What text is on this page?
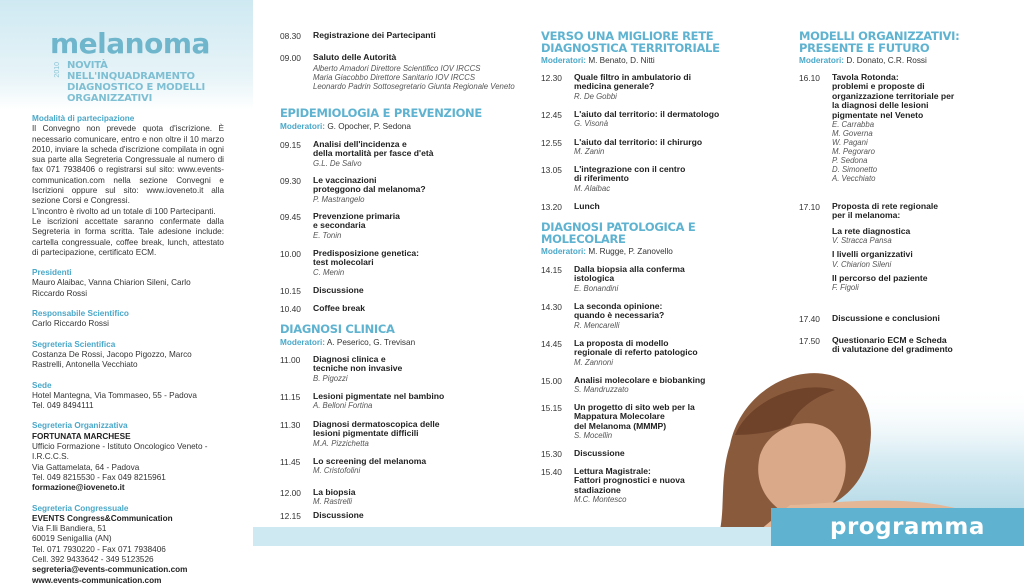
melanoma
2010 NOVITÀ
NELL'INQUADRAMENTO
DIAGNOSTICO E MODELLI
ORGANIZZATIVI
Modalità di partecipazione

Il Convegno non prevede quota d'iscrizione. È necessario comunicare, entro e non oltre il 10 marzo 2010, inviare la scheda d'iscrizione compilata in ogni sua parte alla Segreteria Congressuale al numero di fax 071 7938406 o registrarsi sul sito: www.events-communication.com nella sezione Convegni e Iscrizioni oppure sul sito: www.ioveneto.it alla sezione Corsi e Congressi.

L'incontro è rivolto ad un totale di 100 Partecipanti.

Le iscrizioni accettate saranno confermate dalla Segreteria in forma scritta. Tale adesione include: cartella congressuale, coffee break, lunch, attestato di partecipazione, certificato ECM.

Presidenti

Mauro Alaibac, Vanna Chiarion Sileni, Carlo Riccardo Rossi

Responsabile Scientifico

Carlo Riccardo Rossi

Segreteria Scientifica

Costanza De Rossi, Jacopo Pigozzo, Marco Rastrelli, Antonella Vecchiato

Sede

Hotel Mantegna, Via Tommaseo, 55 - Padova

Tel. 049 8494111

Segreteria Organizzativa

FORTUNATA MARCHESE

Ufficio Formazione - Istituto Oncologico Veneto - I.R.C.C.S.

Via Gattamelata, 64 - Padova

Tel. 049 8215530 - Fax 049 8215961

formazione@ioveneto.it

Segreteria Congressuale

EVENTS Congress&Communication

Via F.lli Bandiera, 51

60019 Senigallia (AN)

Tel. 071 7930220 - Fax 071 7938406

Cell. 392 9433642 - 349 5123526

segreteria@events-communication.com

www.events-communication.com

08.30	Registrazione dei Partecipanti
09.00	Saluto delle Autorità
Alberto Amadori Direttore Scientifico IOV IRCCS
Maria Giacobbo Direttore Sanitario IOV IRCCS
Leonardo Padrin Sottosegretario Giunta Regionale Veneto
EPIDEMIOLOGIA E PREVENZIONE
Moderatori: G. Opocher, P. Sedona
09.15	Analisi dell'incidenza e
della mortalità per fasce d'età
G.L. De Salvo
09.30	Le vaccinazioni
proteggono dal melanoma?
P. Mastrangelo
09.45	Prevenzione primaria
e secondaria
E. Tonin
10.00	Predisposizione genetica:
test molecolari
C. Menin
10.15	Discussione
10.40	Coffee break
DIAGNOSI CLINICA
Moderatori: A. Peserico, G. Trevisan
11.00	Diagnosi clinica e
tecniche non invasive
B. Pigozzi
11.15	Lesioni pigmentate nel bambino
A. Belloni Fortina
11.30	Diagnosi dermatoscopica delle
lesioni pigmentate difficili
M.A. Pizzichetta
11.45	Lo screening del melanoma
M. Cristofolini
12.00	La biopsia
M. Rastrelli
12.15	Discussione
VERSO UNA MIGLIORE RETE
DIAGNOSTICA TERRITORIALE
Moderatori: M. Benato, D. Nitti
12.30	Quale filtro in ambulatorio di
medicina generale?
R. De Gobbi
12.45	L'aiuto dal territorio: il dermatologo
G. Visonà
12.55	L'aiuto dal territorio: il chirurgo
M. Zanin
13.05	L'integrazione con il centro
di riferimento
M. Alaibac
13.20	Lunch
DIAGNOSI PATOLOGICA E
MOLECOLARE
Moderatori: M. Rugge, P. Zanovello
14.15	Dalla biopsia alla conferma
istologica
E. Bonandini
14.30	La seconda opinione:
quando è necessaria?
R. Mencarelli
14.45	La proposta di modello
regionale di referto patologico
M. Zannoni
15.00	Analisi molecolare e biobanking
S. Mandruzzato
15.15	Un progetto di sito web per la
Mappatura Molecolare
del Melanoma (MMMP)
S. Mocellin
15.30	Discussione
15.40	Lettura Magistrale:
Fattori prognostici e nuova
stadiazione
M.C. Montesco
MODELLI ORGANIZZATIVI:
PRESENTE E FUTURO
Moderatori: D. Donato, C.R. Rossi
16.10	Tavola Rotonda:
problemi e proposte di
organizzazione territoriale per
la diagnosi delle lesioni
pigmentate nel Veneto
E. Carrabba
M. Governa
W. Pagani
M. Pegoraro
P. Sedona
D. Simonetto
A. Vecchiato
17.10	Proposta di rete regionale
per il melanoma:
La rete diagnostica
V. Stracca Pansa
I livelli organizzativi
V. Chiarion Sileni
Il percorso del paziente
F. Figoli
17.40	Discussione e conclusioni
17.50	Questionario ECM e Scheda
di valutazione del gradimento
programma
